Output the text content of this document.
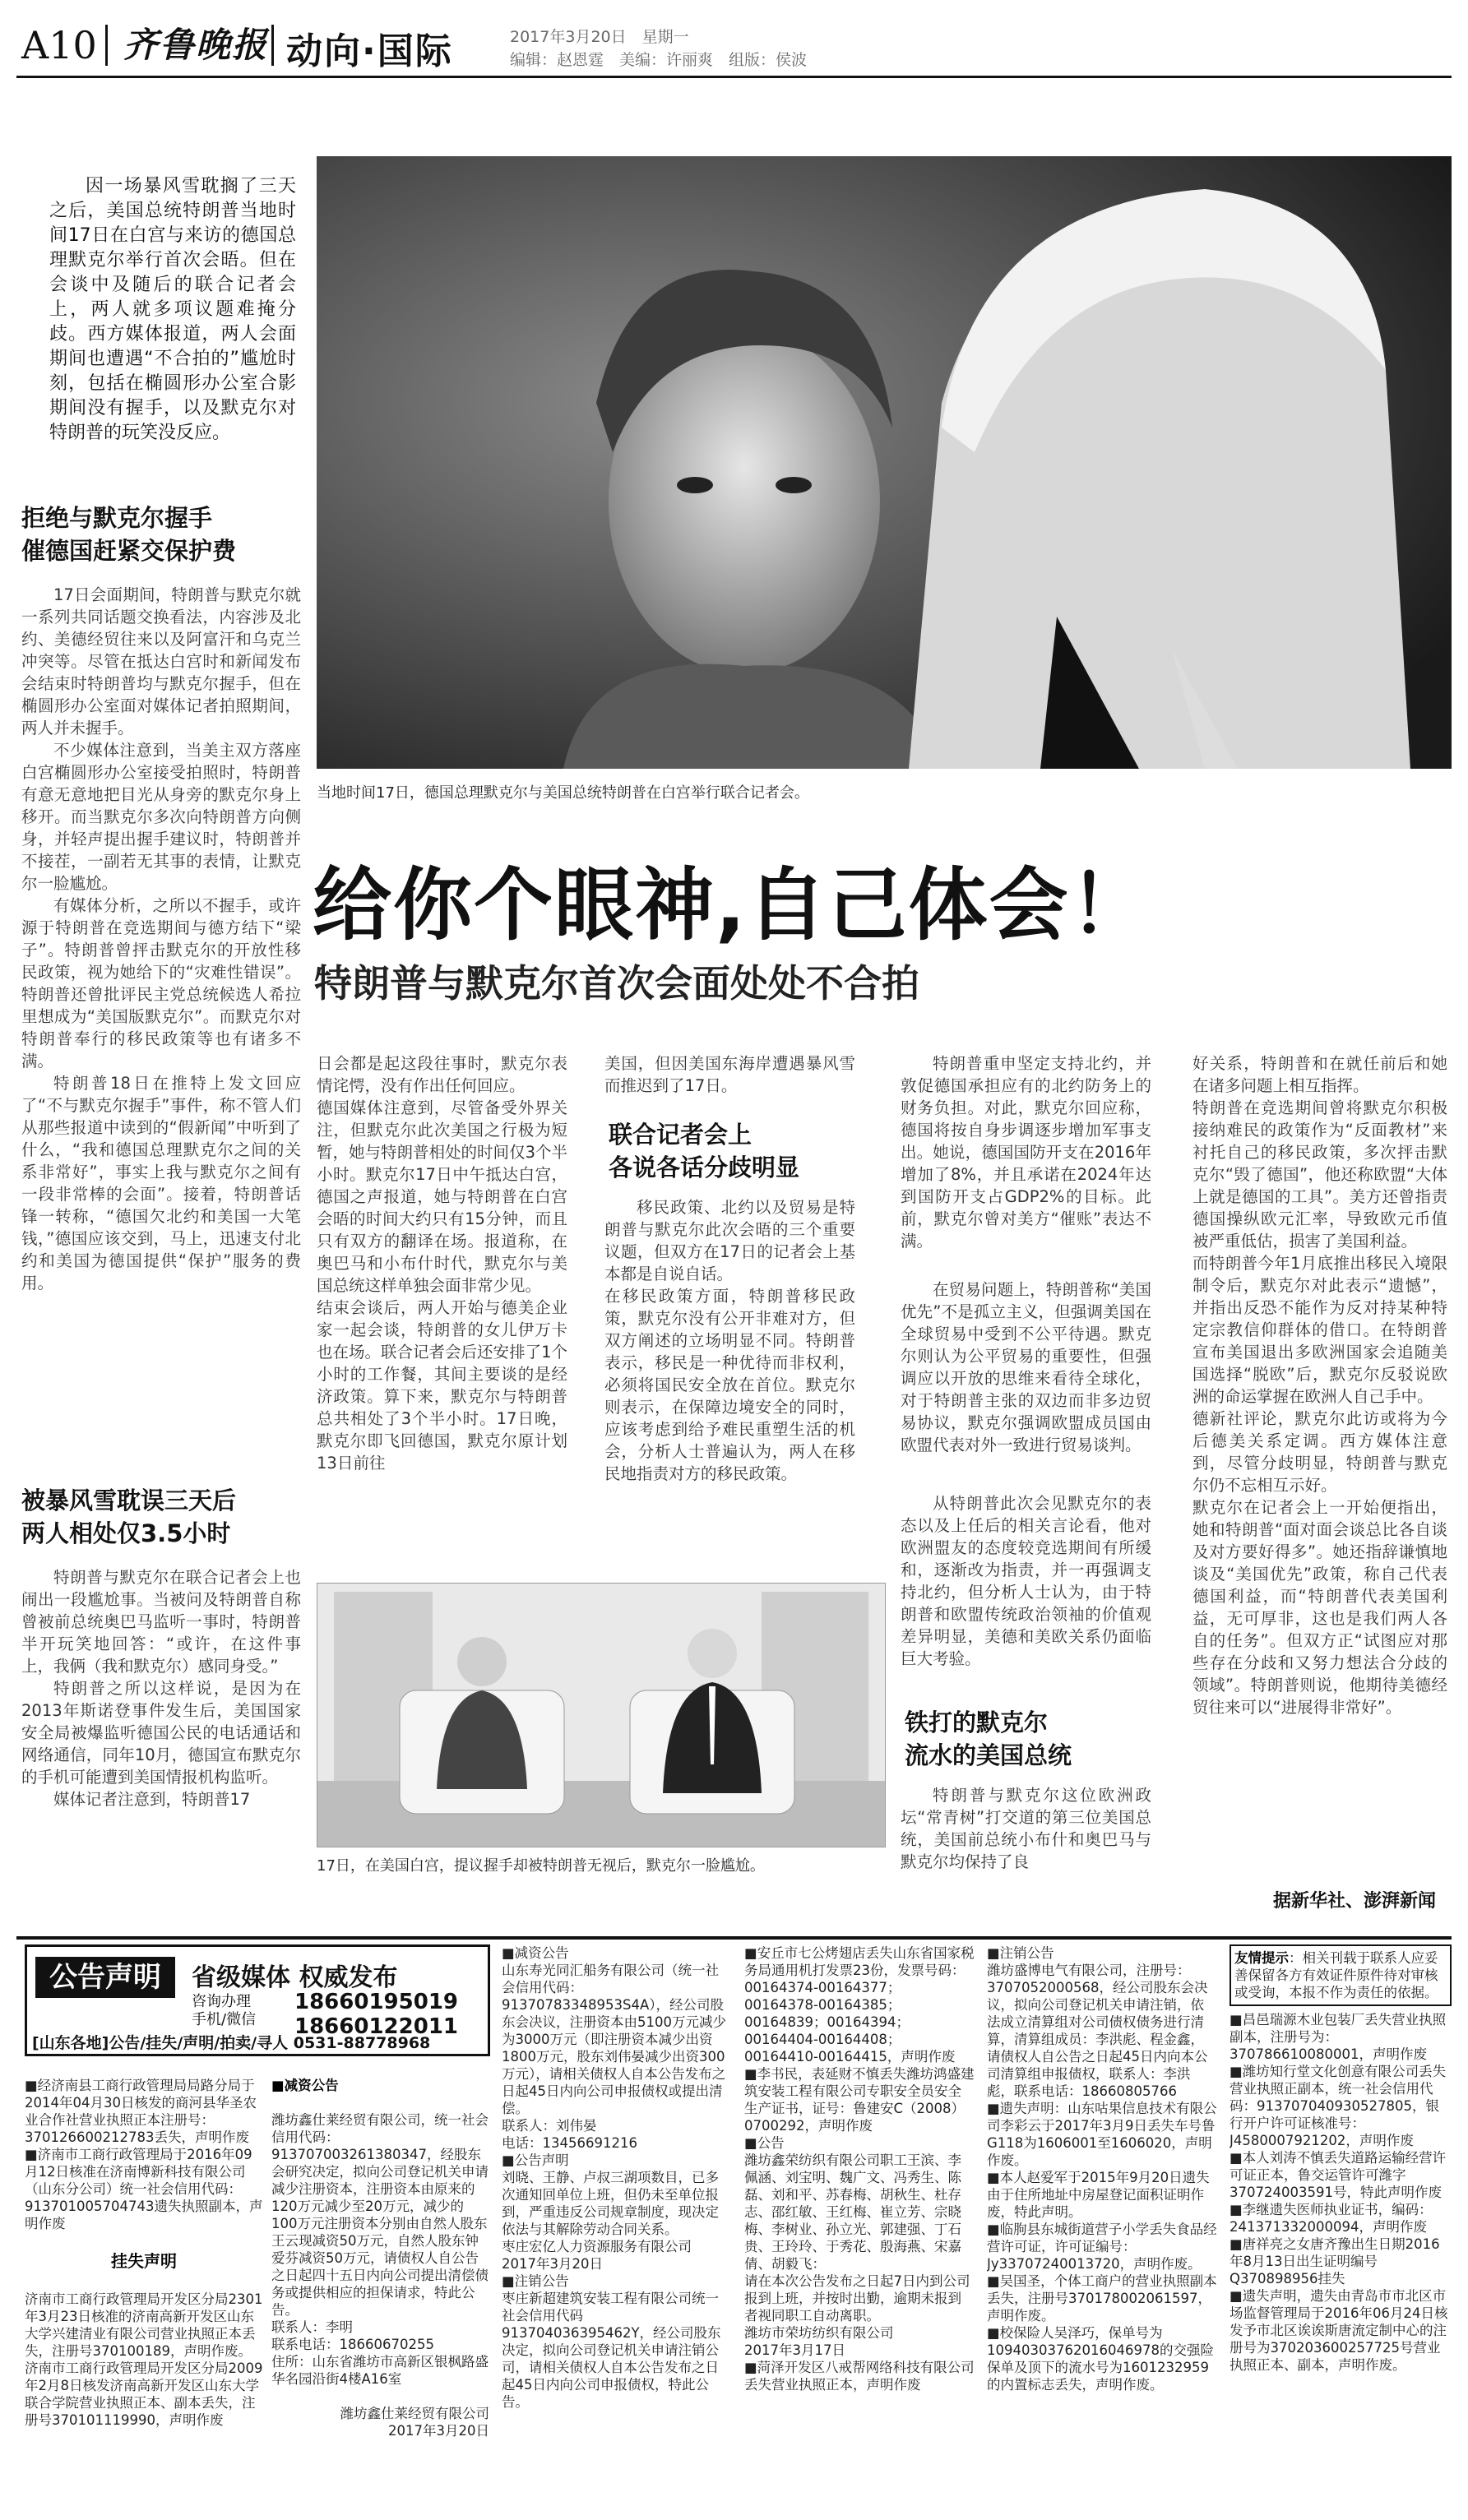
A10 齐鲁晚报 动向·国际	2017年3月20日　星期一
编辑：赵恩霆　美编：许丽爽　组版：侯波
因一场暴风雪耽搁了三天之后，美国总统特朗普当地时间17日在白宫与来访的德国总理默克尔举行首次会晤。但在会谈中及随后的联合记者会上，两人就多项议题难掩分歧。西方媒体报道，两人会面期间也遭遇“不合拍的”尴尬时刻，包括在椭圆形办公室合影期间没有握手，以及默克尔对特朗普的玩笑没反应。
拒绝与默克尔握手
催德国赶紧交保护费

17日会面期间，特朗普与默克尔就一系列共同话题交换看法，内容涉及北约、美德经贸往来以及阿富汗和乌克兰冲突等。尽管在抵达白宫时和新闻发布会结束时特朗普均与默克尔握手，但在椭圆形办公室面对媒体记者拍照期间，两人并未握手。

不少媒体注意到，当美主双方落座白宫椭圆形办公室接受拍照时，特朗普有意无意地把目光从身旁的默克尔身上移开。而当默克尔多次向特朗普方向侧身，并轻声提出握手建议时，特朗普并不接茬，一副若无其事的表情，让默克尔一脸尴尬。

有媒体分析，之所以不握手，或许源于特朗普在竞选期间与德方结下“梁子”。特朗普曾抨击默克尔的开放性移民政策，视为她给下的“灾难性错误”。特朗普还曾批评民主党总统候选人希拉里想成为“美国版默克尔”。而默克尔对特朗普奉行的移民政策等也有诸多不满。

特朗普18日在推特上发文回应了“不与默克尔握手”事件，称不管人们从那些报道中读到的“假新闻”中听到了什么，“我和德国总理默克尔之间的关系非常好”，事实上我与默克尔之间有一段非常棒的会面”。接着，特朗普话锋一转称，“德国欠北约和美国一大笔钱，”德国应该交到，马上，迅速支付北约和美国为德国提供“保护”服务的费用。

被暴风雪耽误三天后
两人相处仅3.5小时

特朗普与默克尔在联合记者会上也闹出一段尴尬事。当被问及特朗普自称曾被前总统奥巴马监听一事时，特朗普半开玩笑地回答：“或许，在这件事上，我俩（我和默克尔）感同身受。”

特朗普之所以这样说，是因为在2013年斯诺登事件发生后，美国国家安全局被爆监听德国公民的电话通话和网络通信，同年10月，德国宣布默克尔的手机可能遭到美国情报机构监听。

媒体记者注意到，特朗普17

当地时间17日，德国总理默克尔与美国总统特朗普在白宫举行联合记者会。
给你个眼神,自己体会！
特朗普与默克尔首次会面处处不合拍
日会都是起这段往事时，默克尔表情诧愕，没有作出任何回应。
德国媒体注意到，尽管备受外界关注，但默克尔此次美国之行极为短暂，她与特朗普相处的时间仅3个半小时。默克尔17日中午抵达白宫，德国之声报道，她与特朗普在白宫会晤的时间大约只有15分钟，而且只有双方的翻译在场。报道称，在奥巴马和小布什时代，默克尔与美国总统这样单独会面非常少见。
结束会谈后，两人开始与德美企业家一起会谈，特朗普的女儿伊万卡也在场。联合记者会后还安排了1个小时的工作餐，其间主要谈的是经济政策。算下来，默克尔与特朗普总共相处了3个半小时。17日晚，默克尔即飞回德国，默克尔原计划13日前往
美国，但因美国东海岸遭遇暴风雪而推迟到了17日。
联合记者会上
各说各话分歧明显
移民政策、北约以及贸易是特朗普与默克尔此次会晤的三个重要议题，但双方在17日的记者会上基本都是自说自话。
在移民政策方面，特朗普移民政策，默克尔没有公开非难对方，但双方阐述的立场明显不同。特朗普表示，移民是一种优待而非权利，必须将国民安全放在首位。默克尔则表示，在保障边境安全的同时，应该考虑到给予难民重塑生活的机会，分析人士普遍认为，两人在移民地指责对方的移民政策。
特朗普重申坚定支持北约，并敦促德国承担应有的北约防务上的财务负担。对此，默克尔回应称，德国将按自身步调逐步增加军事支出。她说，德国国防开支在2016年增加了8%，并且承诺在2024年达到国防开支占GDP2%的目标。此前，默克尔曾对美方“催账”表达不满。
在贸易问题上，特朗普称“美国优先”不是孤立主义，但强调美国在全球贸易中受到不公平待遇。默克尔则认为公平贸易的重要性，但强调应以开放的思维来看待全球化，对于特朗普主张的双边而非多边贸易协议，默克尔强调欧盟成员国由欧盟代表对外一致进行贸易谈判。
从特朗普此次会见默克尔的表态以及上任后的相关言论看，他对欧洲盟友的态度较竞选期间有所缓和，逐渐改为指责，并一再强调支持北约，但分析人士认为，由于特朗普和欧盟传统政治领袖的价值观差异明显，美德和美欧关系仍面临巨大考验。
铁打的默克尔
流水的美国总统
特朗普与默克尔这位欧洲政坛“常青树”打交道的第三位美国总统，美国前总统小布什和奥巴马与默克尔均保持了良
好关系，特朗普和在就任前后和她在诸多问题上相互指挥。
特朗普在竞选期间曾将默克尔积极接纳难民的政策作为“反面教材”来衬托自己的移民政策，多次抨击默克尔“毁了德国”，他还称欧盟“大体上就是德国的工具”。美方还曾指责德国操纵欧元汇率，导致欧元币值被严重低估，损害了美国利益。
而特朗普今年1月底推出移民入境限制令后，默克尔对此表示“遗憾”，并指出反恐不能作为反对持某种特定宗教信仰群体的借口。在特朗普宣布美国退出多欧洲国家会追随美国选择“脱欧”后，默克尔反驳说欧洲的命运掌握在欧洲人自己手中。
德新社评论，默克尔此访或将为今后德美关系定调。西方媒体注意到，尽管分歧明显，特朗普与默克尔仍不忘相互示好。
默克尔在记者会上一开始便指出，她和特朗普“面对面会谈总比各自谈及对方要好得多”。她还指辞谦慎地谈及“美国优先”政策，称自己代表德国利益，而“特朗普代表美国利益，无可厚非，这也是我们两人各自的任务”。但双方正“试图应对那些存在分歧和又努力想法合分歧的领域”。特朗普则说，他期待美德经贸往来可以“进展得非常好”。
据新华社、澎湃新闻
17日，在美国白宫，提议握手却被特朗普无视后，默克尔一脸尴尬。
公告声明	省级媒体 权威发布
咨询办理
手机/微信
18660195019
18660122011
[山东各地]公告/挂失/声明/拍卖/寻人 0531-88778968

■经济南县工商行政管理局局路分局于2014年04月30日核发的商河县华圣农业合作社营业执照正本注册号：370126600212783丢失，声明作废
■济南市工商行政管理局于2016年09月12日核准在济南博新科技有限公司（山东分公司）统一社会信用代码：913701005704743遗失执照副本，声明作废

挂失声明

济南市工商行政管理局开发区分局2301年3月23日核准的济南高新开发区山东大学兴建清业有限公司营业执照正本丢失，注册号370100189，声明作废。
济南市工商行政管理局开发区分局2009年2月8日核发济南高新开发区山东大学联合学院营业执照正本、副本丢失，注册号370101119990，声明作废

■减资公告

潍坊鑫仕莱经贸有限公司，统一社会信用代码：913707003261380347，经股东会研究决定，拟向公司登记机关申请减少注册资本，注册资本由原来的120万元减少至20万元，减少的100万元注册资本分别由自然人股东王云现减资50万元，自然人股东钟爱芬减资50万元，请债权人自公告之日起四十五日内向公司提出清偿债务或提供相应的担保请求，特此公告。
联系人：李明
联系电话：18660670255
住所：山东省潍坊市高新区银枫路盛华名园沿街4楼A16室

潍坊鑫仕莱经贸有限公司
2017年3月20日

■减资公告
山东寿光同汇船务有限公司（统一社会信用代码：91370783348953S4A），经公司股东会决议，注册资本由5100万元减少为3000万元（即注册资本减少出资1800万元，股东刘伟晏减少出资300万元），请相关债权人自本公告发布之日起45日内向公司申报债权或提出清偿。
联系人：刘伟晏
电话：13456691216
■公告声明
刘晓、王静、卢叔三湖项数目，已多次通知回单位上班，但仍未至单位报到，严重违反公司规章制度，现决定依法与其解除劳动合同关系。
枣庄宏亿人力资源服务有限公司
2017年3月20日
■注销公告
枣庄新超建筑安装工程有限公司统一社会信用代码913704036395462Y，经公司股东决定，拟向公司登记机关申请注销公司，请相关债权人自本公告发布之日起45日内向公司申报债权，特此公告。
■安丘市七公烤翅店丢失山东省国家税务局通用机打发票23份，发票号码：00164374-00164377；00164378-00164385；00164839；00164394；00164404-00164408；00164410-00164415，声明作废
■李书民，表延财不慎丢失潍坊鸿盛建筑安装工程有限公司专职安全员安全生产证书，证号：鲁建安C（2008）0700292，声明作废
■公告
潍坊鑫荣纺织有限公司职工王滨、李佩涵、刘宝明、魏广文、冯秀生、陈磊、刘和平、苏春梅、胡秋生、杜存志、邵红敏、王红梅、崔立芳、宗晓梅、李树业、孙立光、郭建强、丁石贵、王玲玲、于秀花、殷海燕、宋嘉倩、胡毅飞：
请在本次公告发布之日起7日内到公司报到上班，并按时出勤，逾期未报到者视同职工自动离职。
潍坊市荣坊纺织有限公司
2017年3月17日
■菏泽开发区八戒帮网络科技有限公司丢失营业执照正本，声明作废
■注销公告
潍坊盛博电气有限公司，注册号：3707052000568，经公司股东会决议，拟向公司登记机关申请注销，依法成立清算组对公司债权债务进行清算，清算组成员：李洪彪、程金鑫，请债权人自公告之日起45日内向本公司清算组申报债权，联系人：李洪彪，联系电话：18660805766
■遗失声明：山东咕果信息技术有限公司李彩云于2017年3月9日丢失车号鲁G118为1606001至1606020，声明作废。
■本人赵爱军于2015年9月20日遗失由于住所地址中房屋登记面积证明作废，特此声明。
■临朐县东城街道营子小学丢失食品经营许可证，许可证编号：Jy33707240013720，声明作废。
■吴国圣，个体工商户的营业执照副本丢失，注册号370178002061597，声明作废。
■校保险人吴泽巧，保单号为10940303762016046978的交强险保单及顶下的流水号为1601232959的内置标志丢失，声明作废。
友情提示：相关刊载于联系人应妥善保留各方有效证件原件待对审核或受询，本报不作为责任的依据。
■昌邑瑞源木业包装厂丢失营业执照副本，注册号为：370786610080001，声明作废
■潍坊知行堂文化创意有限公司丢失营业执照正副本，统一社会信用代码：913707040930527805，银行开户许可证核准号：J4580007921202，声明作废
■本人刘涛不慎丢失道路运输经营许可证正本，鲁交运管许可潍字370724003591号，特此声明作废
■李继遗失医师执业证书，编码：241371332000094，声明作废
■唐祥亮之女唐齐豫出生日期2016年8月13日出生证明编号Q370898956挂失
■遗失声明，遗失由青岛市市北区市场监督管理局于2016年06月24日核发予市北区诶诶斯唐流定制中心的注册号为370203600257725号营业执照正本、副本，声明作废。
